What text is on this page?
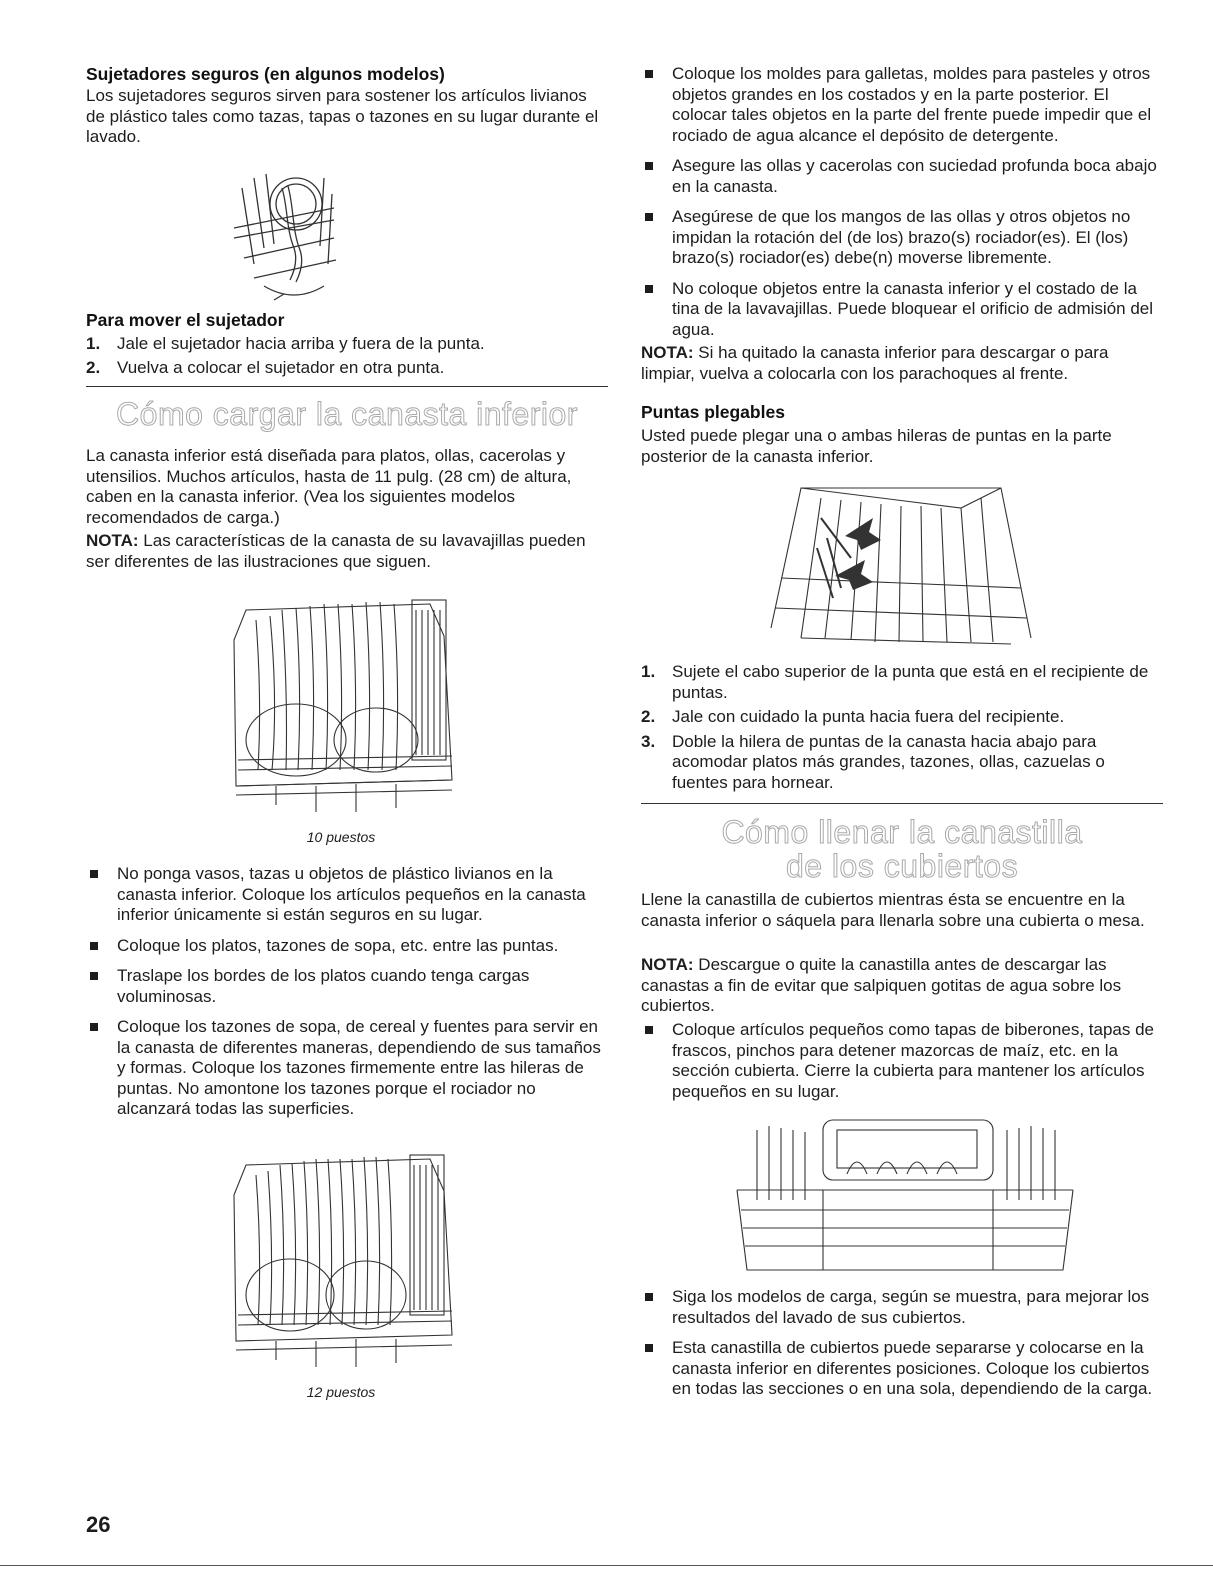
Sujetadores seguros (en algunos modelos)

Los sujetadores seguros sirven para sostener los artículos livianos de plástico tales como tazas, tapas o tazones en su lugar durante el lavado.

Para mover el sujetador
1. Jale el sujetador hacia arriba y fuera de la punta.
2. Vuelva a colocar el sujetador en otra punta.
Cómo cargar la canasta inferior

La canasta inferior está diseñada para platos, ollas, cacerolas y utensilios. Muchos artículos, hasta de 11 pulg. (28 cm) de altura, caben en la canasta inferior. (Vea los siguientes modelos recomendados de carga.)

NOTA: Las características de la canasta de su lavavajillas pueden ser diferentes de las ilustraciones que siguen.

10 puestos
No ponga vasos, tazas u objetos de plástico livianos en la canasta inferior. Coloque los artículos pequeños en la canasta inferior únicamente si están seguros en su lugar.
Coloque los platos, tazones de sopa, etc. entre las puntas.
Traslape los bordes de los platos cuando tenga cargas voluminosas.
Coloque los tazones de sopa, de cereal y fuentes para servir en la canasta de diferentes maneras, dependiendo de sus tamaños y formas. Coloque los tazones firmemente entre las hileras de puntas. No amontone los tazones porque el rociador no alcanzará todas las superficies.
12 puestos
26
Coloque los moldes para galletas, moldes para pasteles y otros objetos grandes en los costados y en la parte posterior. El colocar tales objetos en la parte del frente puede impedir que el rociado de agua alcance el depósito de detergente.
Asegure las ollas y cacerolas con suciedad profunda boca abajo en la canasta.
Asegúrese de que los mangos de las ollas y otros objetos no impidan la rotación del (de los) brazo(s) rociador(es). El (los) brazo(s) rociador(es) debe(n) moverse libremente.
No coloque objetos entre la canasta inferior y el costado de la tina de la lavavajillas. Puede bloquear el orificio de admisión del agua.

NOTA: Si ha quitado la canasta inferior para descargar o para limpiar, vuelva a colocarla con los parachoques al frente.

Puntas plegables

Usted puede plegar una o ambas hileras de puntas en la parte posterior de la canasta inferior.

1. Sujete el cabo superior de la punta que está en el recipiente de puntas.
2. Jale con cuidado la punta hacia fuera del recipiente.
3. Doble la hilera de puntas de la canasta hacia abajo para acomodar platos más grandes, tazones, ollas, cazuelas o fuentes para hornear.
Cómo llenar la canastilla
de los cubiertos

Llene la canastilla de cubiertos mientras ésta se encuentre en la canasta inferior o sáquela para llenarla sobre una cubierta o mesa.

NOTA: Descargue o quite la canastilla antes de descargar las canastas a fin de evitar que salpiquen gotitas de agua sobre los cubiertos.

Coloque artículos pequeños como tapas de biberones, tapas de frascos, pinchos para detener mazorcas de maíz, etc. en la sección cubierta. Cierre la cubierta para mantener los artículos pequeños en su lugar.
Siga los modelos de carga, según se muestra, para mejorar los resultados del lavado de sus cubiertos.
Esta canastilla de cubiertos puede separarse y colocarse en la canasta inferior en diferentes posiciones. Coloque los cubiertos en todas las secciones o en una sola, dependiendo de la carga.
